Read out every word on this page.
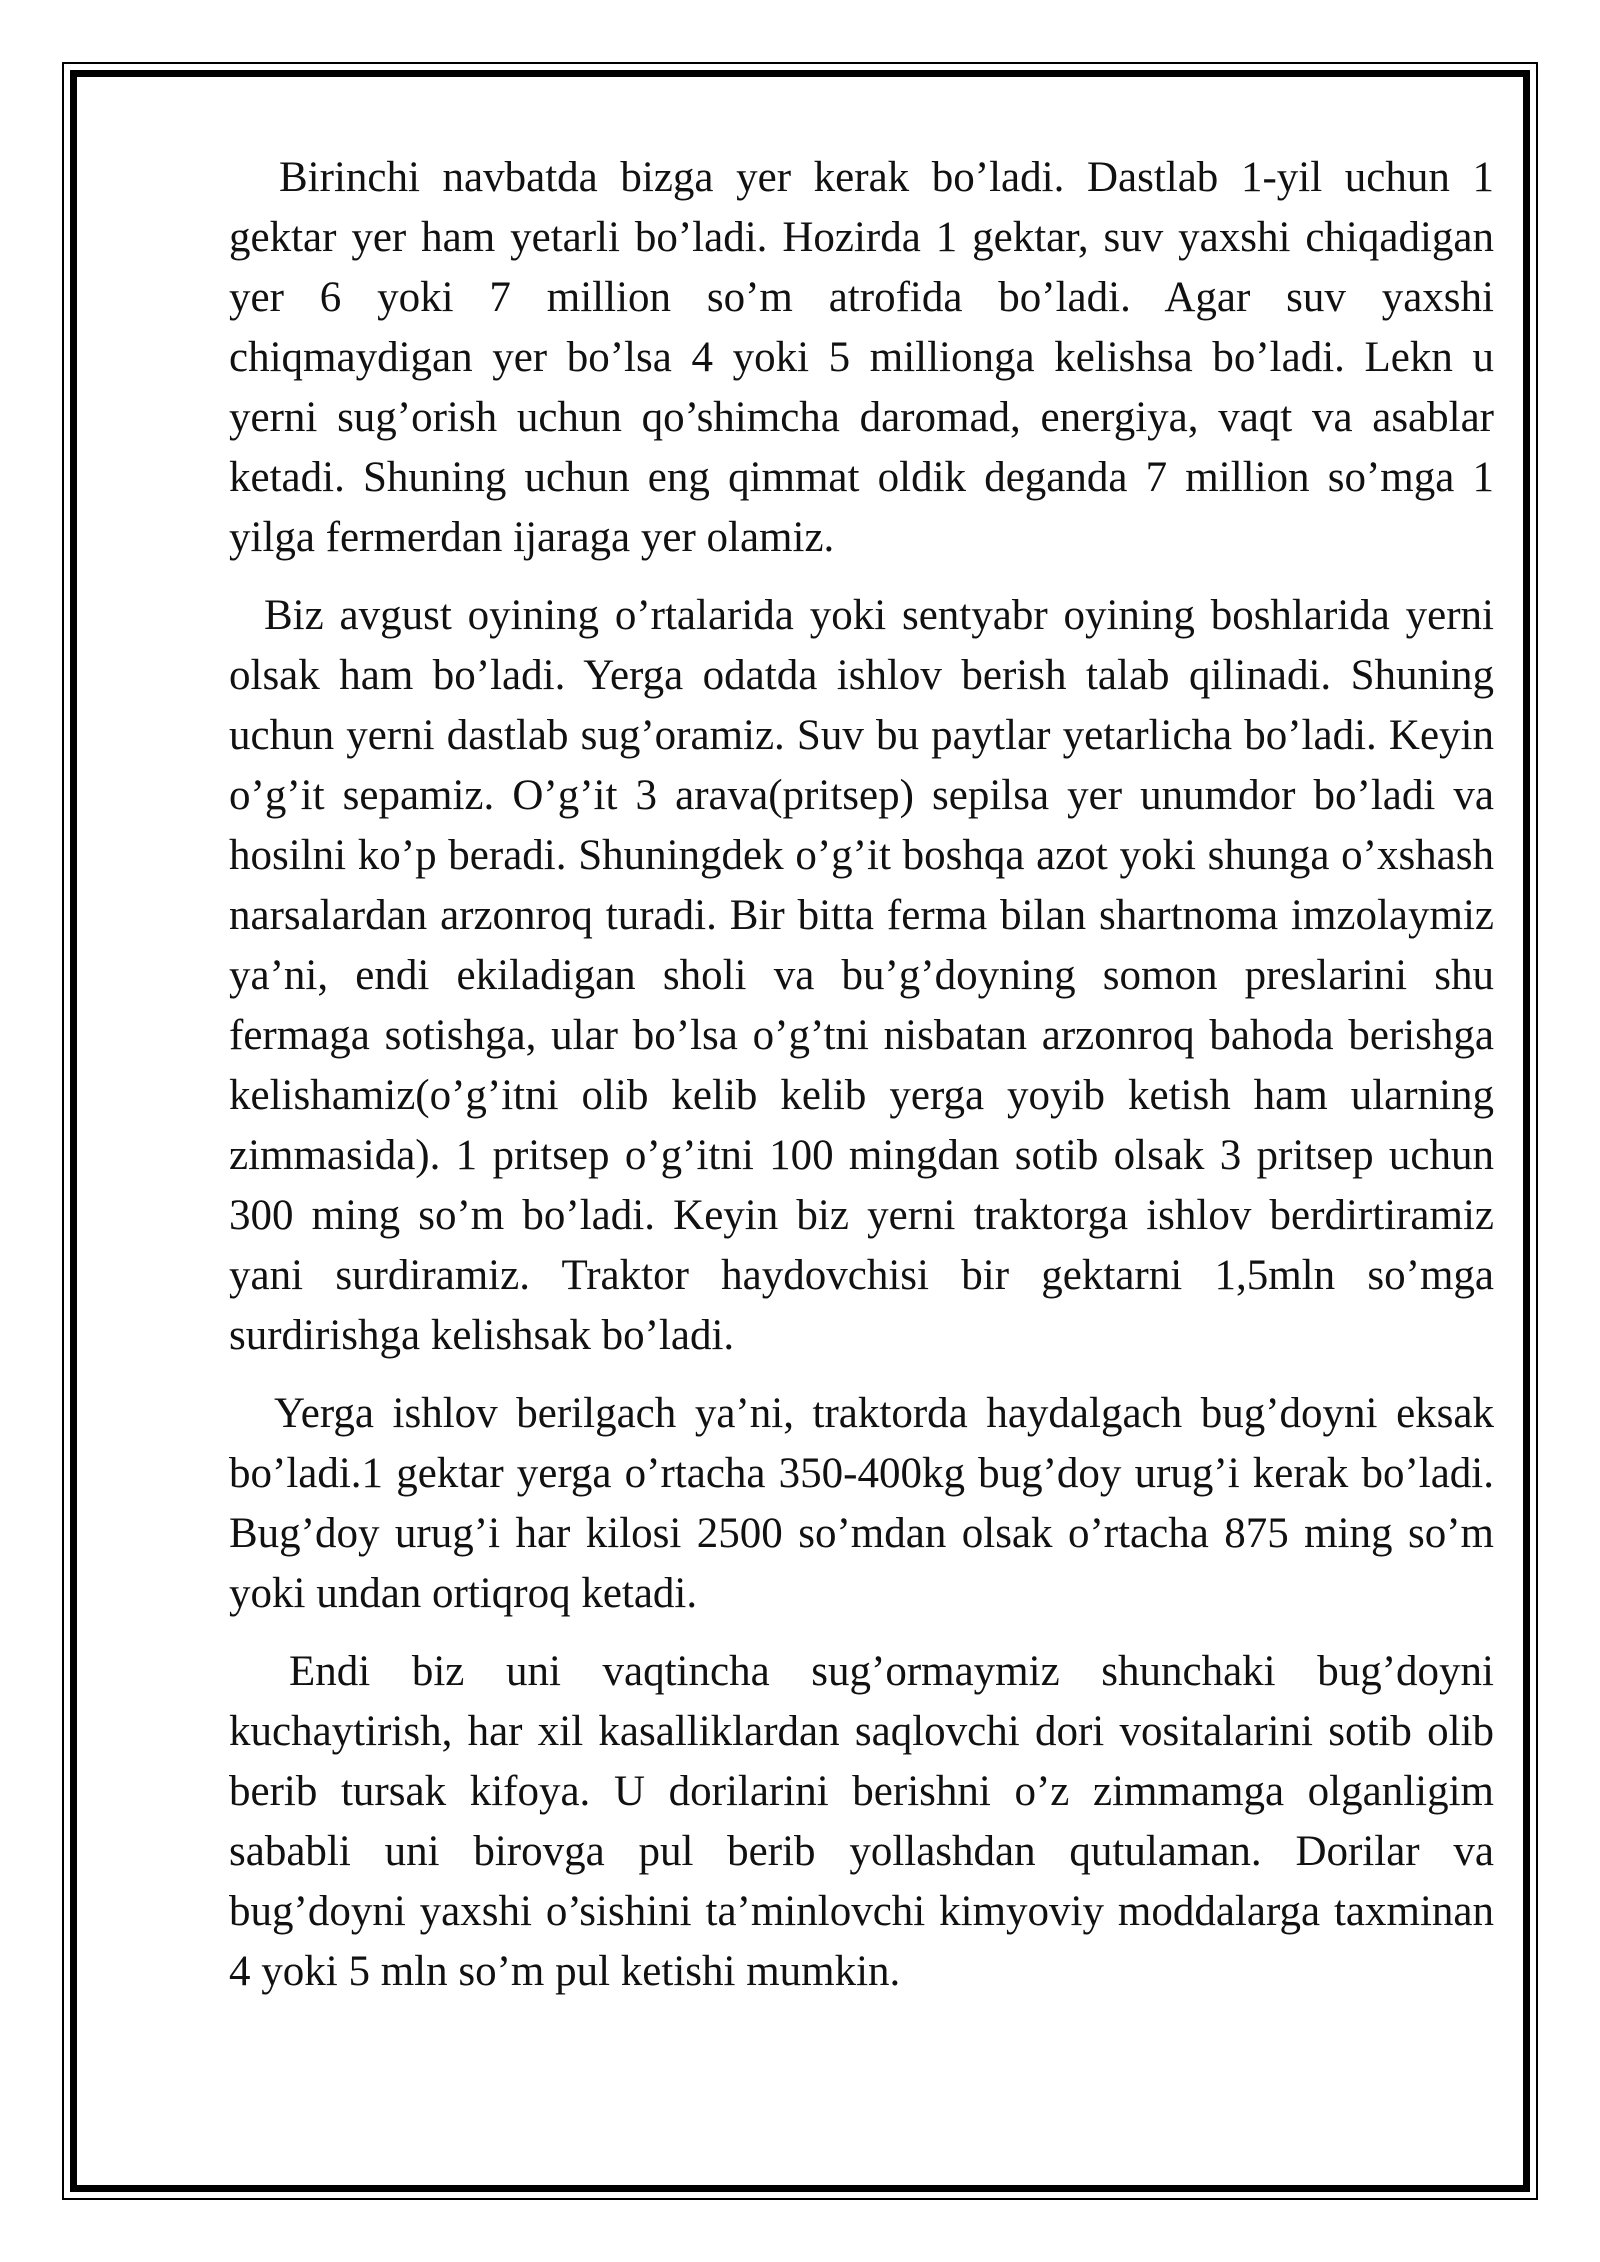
Birinchi navbatda bizga yer kerak bo’ladi. Dastlab 1-yil uchun 1 gektar yer ham yetarli bo’ladi. Hozirda 1 gektar, suv yaxshi chiqadigan yer 6 yoki 7 million so’m atrofida bo’ladi. Agar suv yaxshi chiqmaydigan yer bo’lsa 4 yoki 5 millionga kelishsa bo’ladi. Lekn u yerni sug’orish uchun qo’shimcha daromad, energiya, vaqt va asablar ketadi. Shuning uchun eng qimmat oldik deganda 7 million so’mga 1 yilga fermerdan ijaraga yer olamiz.

Biz avgust oyining o’rtalarida yoki sentyabr oyining boshlarida yerni olsak ham bo’ladi. Yerga odatda ishlov berish talab qilinadi. Shuning uchun yerni dastlab sug’oramiz. Suv bu paytlar yetarlicha bo’ladi. Keyin o’g’it sepamiz. O’g’it 3 arava(pritsep) sepilsa yer unumdor bo’ladi va hosilni ko’p beradi. Shuningdek o’g’it boshqa azot yoki shunga o’xshash narsalardan arzonroq turadi. Bir bitta ferma bilan shartnoma imzolaymiz ya’ni, endi ekiladigan sholi va bu’g’doyning somon preslarini shu fermaga sotishga, ular bo’lsa o’g’tni nisbatan arzonroq bahoda berishga kelishamiz(o’g’itni olib kelib kelib yerga yoyib ketish ham ularning zimmasida). 1 pritsep o’g’itni 100 mingdan sotib olsak 3 pritsep uchun 300 ming so’m bo’ladi. Keyin biz yerni traktorga ishlov berdirtiramiz yani surdiramiz. Traktor haydovchisi bir gektarni 1,5mln so’mga surdirishga kelishsak bo’ladi.

Yerga ishlov berilgach ya’ni, traktorda haydalgach bug’doyni eksak bo’ladi.1 gektar yerga o’rtacha 350-400kg bug’doy urug’i kerak bo’ladi. Bug’doy urug’i har kilosi 2500 so’mdan olsak o’rtacha 875 ming so’m yoki undan ortiqroq ketadi.

Endi biz uni vaqtincha sug’ormaymiz shunchaki bug’doyni kuchaytirish, har xil kasalliklardan saqlovchi dori vositalarini sotib olib berib tursak kifoya. U dorilarini berishni o’z zimmamga olganligim sababli uni birovga pul berib yollashdan qutulaman. Dorilar va bug’doyni yaxshi o’sishini ta’minlovchi kimyoviy moddalarga taxminan 4 yoki 5 mln so’m pul ketishi mumkin.
